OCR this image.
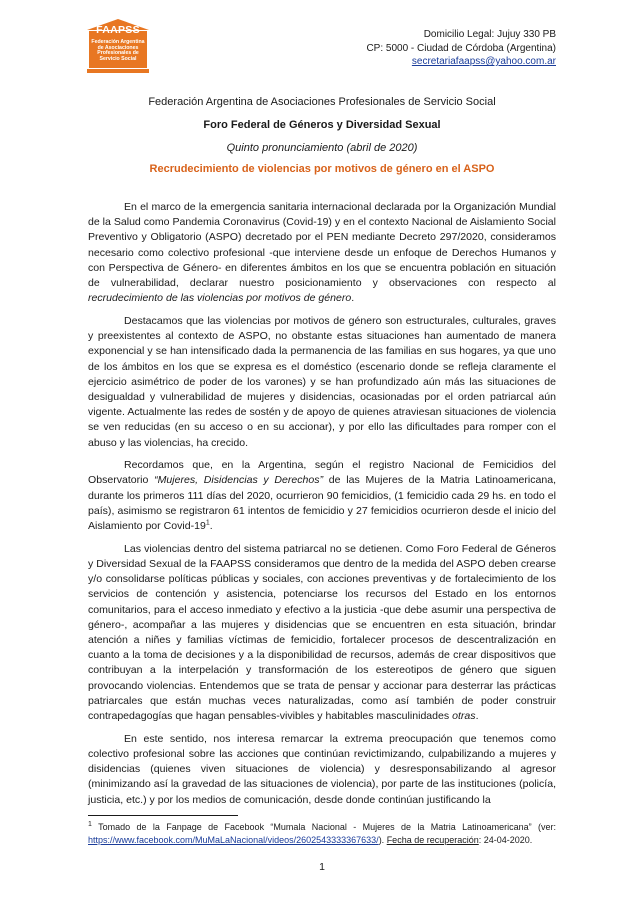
FAAPSS
Federación Argentina
de Asociaciones
Profesionales de
Servicio Social
Domicilio Legal: Jujuy 330 PB
CP: 5000 - Ciudad de Córdoba (Argentina)
secretariafaapss@yahoo.com.ar
Federación Argentina de Asociaciones Profesionales de Servicio Social
Foro Federal de Géneros y Diversidad Sexual
Quinto pronunciamiento (abril de 2020)
Recrudecimiento de violencias por motivos de género en el ASPO

En el marco de la emergencia sanitaria internacional declarada por la Organización Mundial de la Salud como Pandemia Coronavirus (Covid-19) y en el contexto Nacional de Aislamiento Social Preventivo y Obligatorio (ASPO) decretado por el PEN mediante Decreto 297/2020, consideramos necesario como colectivo profesional -que interviene desde un enfoque de Derechos Humanos y con Perspectiva de Género- en diferentes ámbitos en los que se encuentra población en situación de vulnerabilidad, declarar nuestro posicionamiento y observaciones con respecto al recrudecimiento de las violencias por motivos de género.

Destacamos que las violencias por motivos de género son estructurales, culturales, graves y preexistentes al contexto de ASPO, no obstante estas situaciones han aumentado de manera exponencial y se han intensificado dada la permanencia de las familias en sus hogares, ya que uno de los ámbitos en los que se expresa es el doméstico (escenario donde se refleja claramente el ejercicio asimétrico de poder de los varones) y se han profundizado aún más las situaciones de desigualdad y vulnerabilidad de mujeres y disidencias, ocasionadas por el orden patriarcal aún vigente. Actualmente las redes de sostén y de apoyo de quienes atraviesan situaciones de violencia se ven reducidas (en su acceso o en su accionar), y por ello las dificultades para romper con el abuso y las violencias, ha crecido.

Recordamos que, en la Argentina, según el registro Nacional de Femicidios del Observatorio “Mujeres, Disidencias y Derechos” de las Mujeres de la Matria Latinoamericana, durante los primeros 111 días del 2020, ocurrieron 90 femicidios, (1 femicidio cada 29 hs. en todo el país), asimismo se registraron 61 intentos de femicidio y 27 femicidios ocurrieron desde el inicio del Aislamiento por Covid-$19^1$.

Las violencias dentro del sistema patriarcal no se detienen. Como Foro Federal de Géneros y Diversidad Sexual de la FAAPSS consideramos que dentro de la medida del ASPO deben crearse y/o consolidarse políticas públicas y sociales, con acciones preventivas y de fortalecimiento de los servicios de contención y asistencia, potenciarse los recursos del Estado en los entornos comunitarios, para el acceso inmediato y efectivo a la justicia -que debe asumir una perspectiva de género-, acompañar a las mujeres y disidencias que se encuentren en esta situación, brindar atención a niñes y familias víctimas de femicidio, fortalecer procesos de descentralización en cuanto a la toma de decisiones y a la disponibilidad de recursos, además de crear dispositivos que contribuyan a la interpelación y transformación de los estereotipos de género que siguen provocando violencias. Entendemos que se trata de pensar y accionar para desterrar las prácticas patriarcales que están muchas veces naturalizadas, como así también de poder construir contrapedagogías que hagan pensables-vivibles y habitables masculinidades otras.

En este sentido, nos interesa remarcar la extrema preocupación que tenemos como colectivo profesional sobre las acciones que continúan revictimizando, culpabilizando a mujeres y disidencias (quienes viven situaciones de violencia) y desresponsabilizando al agresor (minimizando así la gravedad de las situaciones de violencia), por parte de las instituciones (policía, justicia, etc.) y por los medios de comunicación, desde donde continúan justificando la

$^1$ Tomado de la Fanpage de Facebook “Mumala Nacional - Mujeres de la Matria Latinoamericana” (ver: https://www.facebook.com/MuMaLaNacional/videos/2602543333367633/). Fecha de recuperación: 24-04-2020.
1
